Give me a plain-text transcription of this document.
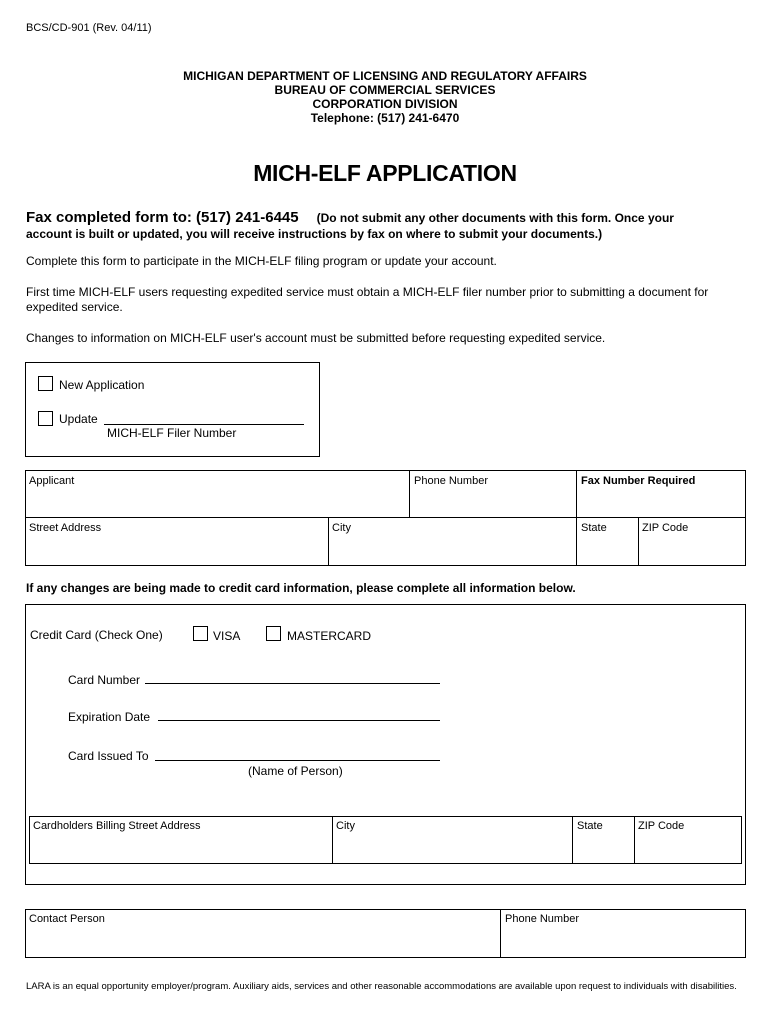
BCS/CD-901 (Rev. 04/11)
MICHIGAN DEPARTMENT OF LICENSING AND REGULATORY AFFAIRS
BUREAU OF COMMERCIAL SERVICES
CORPORATION DIVISION
Telephone: (517) 241-6470
MICH-ELF APPLICATION
Fax completed form to: (517) 241-6445 (Do not submit any other documents with this form. Once your
account is built or updated, you will receive instructions by fax on where to submit your documents.)
Complete this form to participate in the MICH-ELF filing program or update your account.
First time MICH-ELF users requesting expedited service must obtain a MICH-ELF filer number prior to submitting a document for expedited service.
Changes to information on MICH-ELF user's account must be submitted before requesting expedited service.
New Application
Update
MICH-ELF Filer Number
Applicant	Phone Number	Fax Number Required
Street Address	City	State	ZIP Code
If any changes are being made to credit card information, please complete all information below.
Credit Card (Check One)	VISA	MASTERCARD
Card Number
Expiration Date
Card Issued To
(Name of Person)
Cardholders Billing Street Address	City	State	ZIP Code
Contact Person	Phone Number
LARA is an equal opportunity employer/program. Auxiliary aids, services and other reasonable accommodations are available upon request to individuals with disabilities.
